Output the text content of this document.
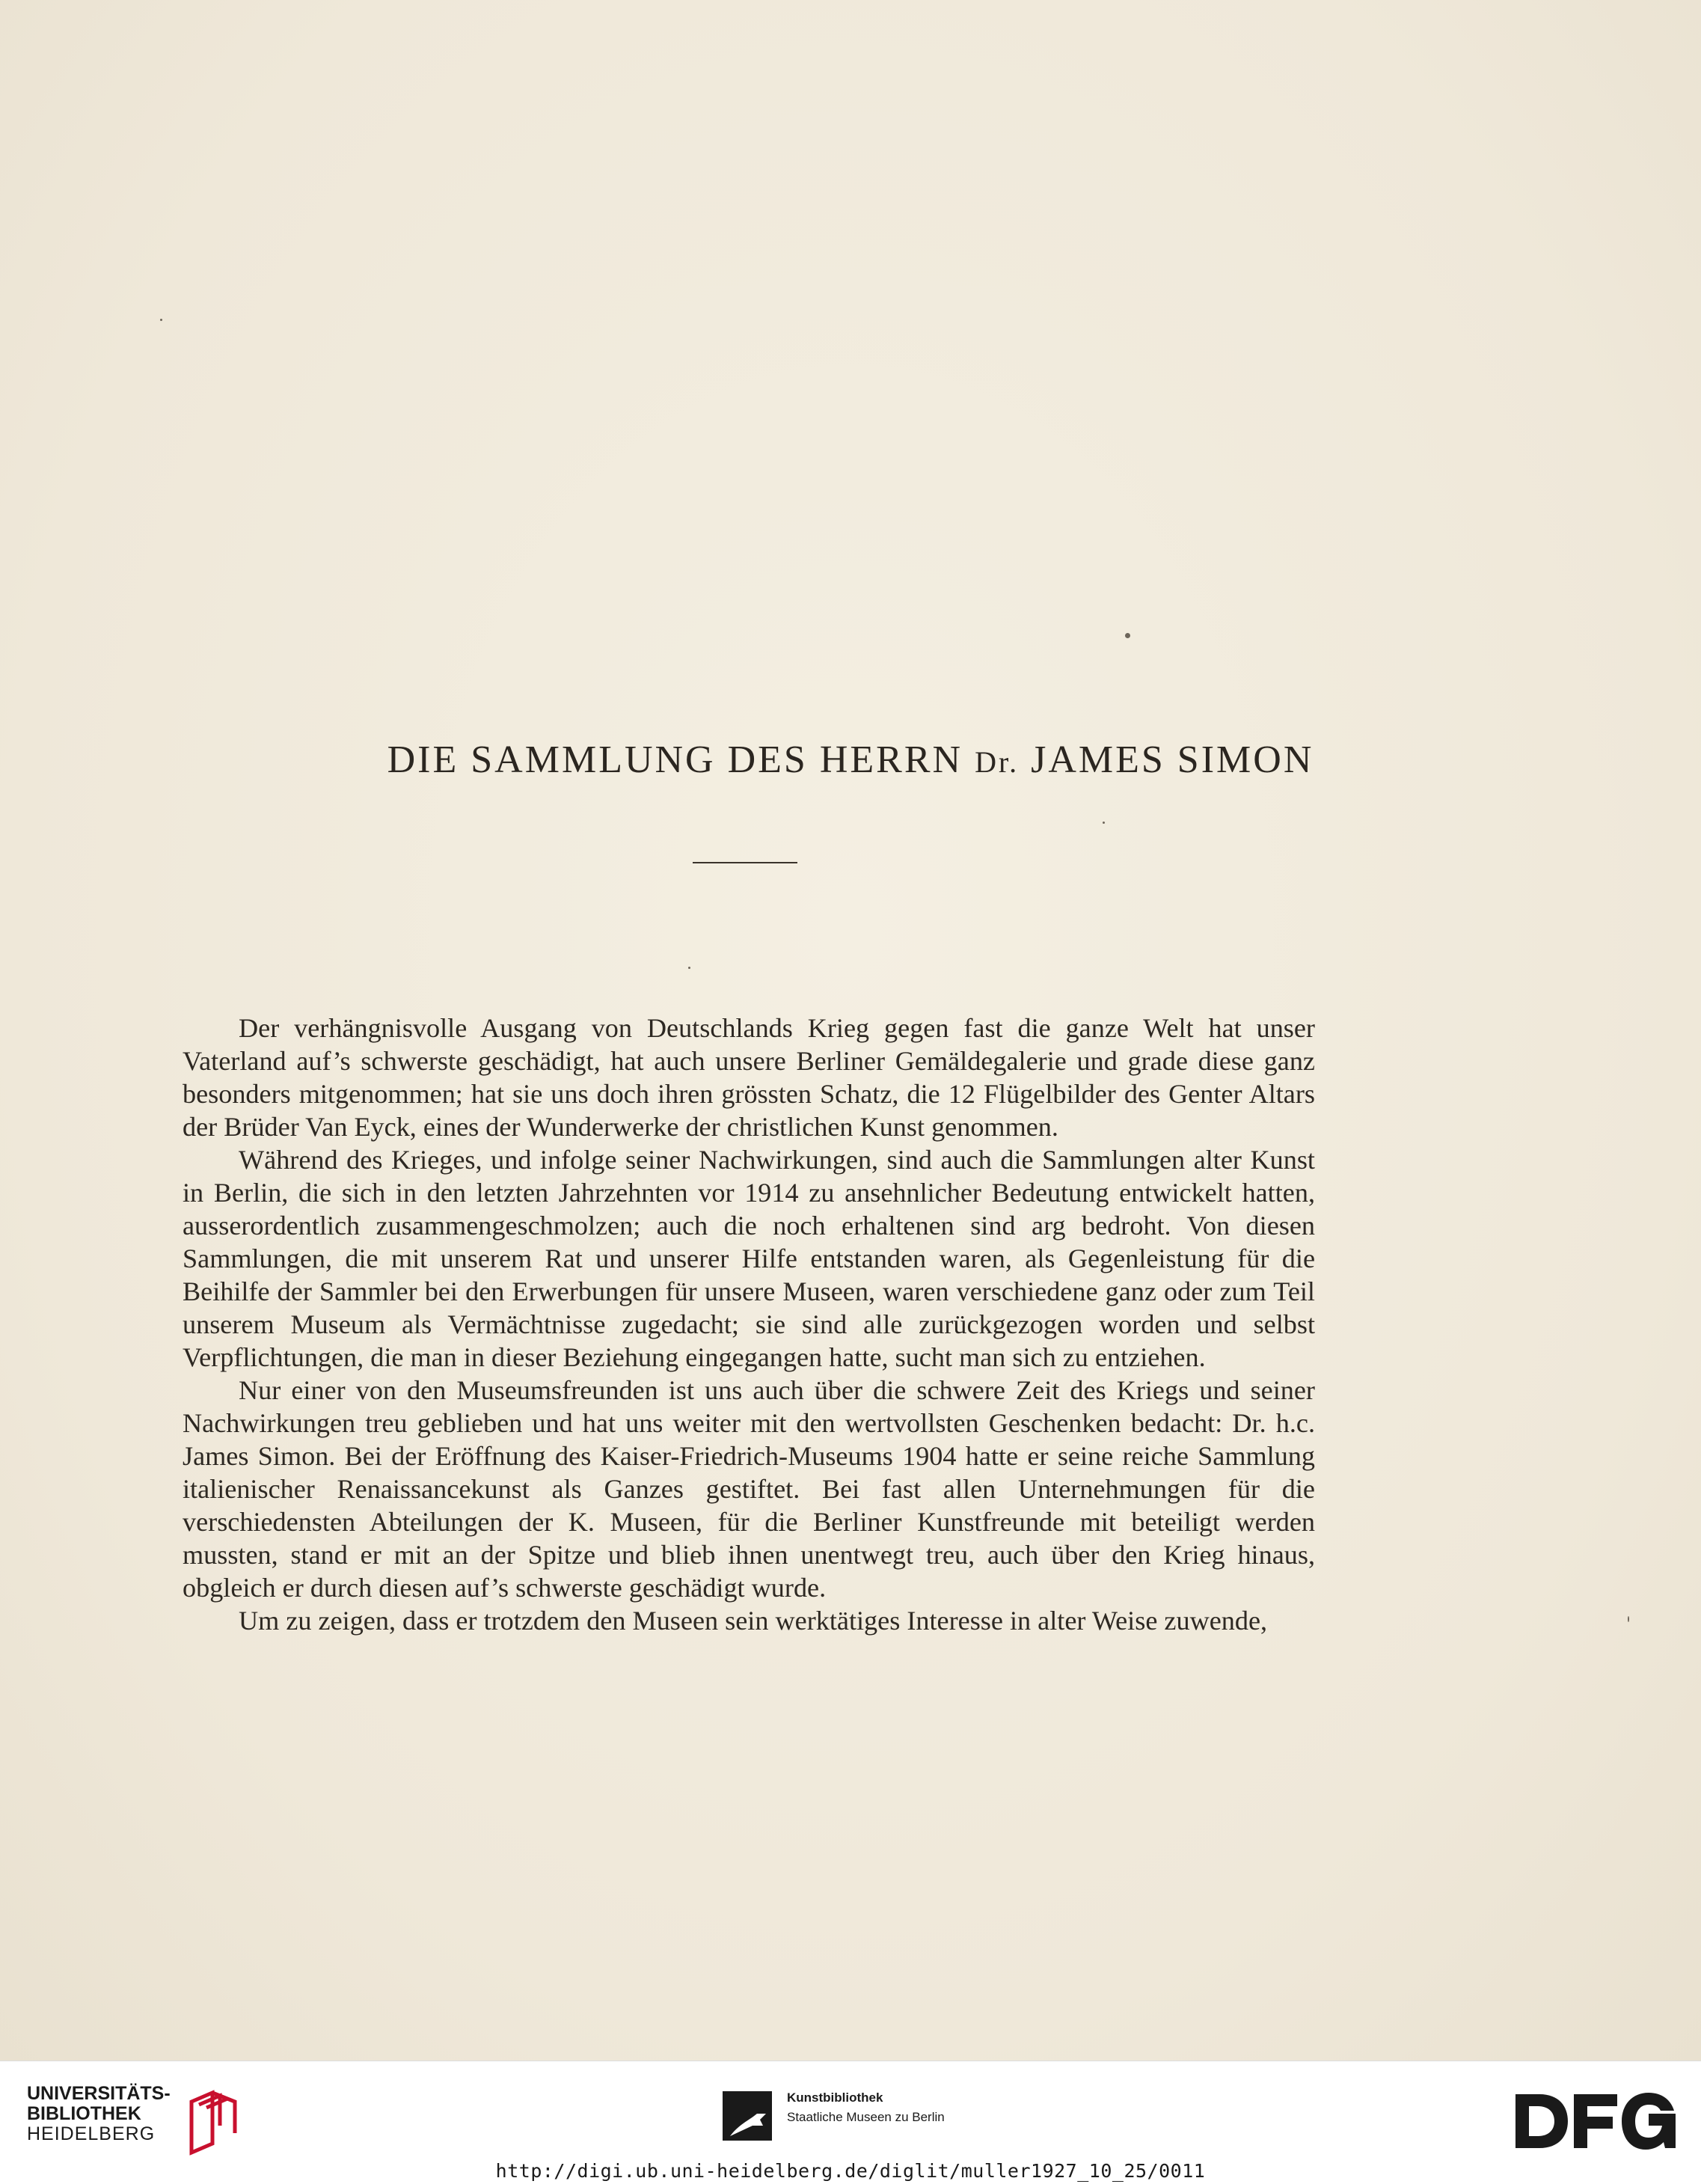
DIE SAMMLUNG DES HERRN Dr. JAMES SIMON

Der verhängnisvolle Ausgang von Deutschlands Krieg gegen fast die ganze Welt hat unser Vaterland auf’s schwerste geschädigt, hat auch unsere Berliner Gemäldegalerie und grade diese ganz besonders mitgenommen; hat sie uns doch ihren grössten Schatz, die 12 Flügelbilder des Genter Altars der Brüder Van Eyck, eines der Wunderwerke der christlichen Kunst genommen.

Während des Krieges, und infolge seiner Nachwirkungen, sind auch die Sammlungen alter Kunst in Berlin, die sich in den letzten Jahrzehnten vor 1914 zu ansehnlicher Bedeutung entwickelt hatten, ausserordentlich zusammengeschmolzen; auch die noch erhaltenen sind arg bedroht. Von diesen Sammlungen, die mit unserem Rat und unserer Hilfe entstanden waren, als Gegenleistung für die Beihilfe der Sammler bei den Erwerbungen für unsere Museen, waren verschiedene ganz oder zum Teil unserem Museum als Vermächtnisse zugedacht; sie sind alle zurückgezogen worden und selbst Verpflichtungen, die man in dieser Beziehung eingegangen hatte, sucht man sich zu entziehen.

Nur einer von den Museumsfreunden ist uns auch über die schwere Zeit des Kriegs und seiner Nachwirkungen treu geblieben und hat uns weiter mit den wertvollsten Geschenken bedacht: Dr. h.c. James Simon. Bei der Eröffnung des Kaiser-Friedrich-Museums 1904 hatte er seine reiche Sammlung italienischer Renaissancekunst als Ganzes gestiftet. Bei fast allen Unternehmungen für die verschiedensten Abteilungen der K. Museen, für die Berliner Kunstfreunde mit beteiligt werden mussten, stand er mit an der Spitze und blieb ihnen unentwegt treu, auch über den Krieg hinaus, obgleich er durch diesen auf’s schwerste geschädigt wurde.

Um zu zeigen, dass er trotzdem den Museen sein werktätiges Interesse in alter Weise zuwende,

UNIVERSITÄTS-
BIBLIOTHEK
HEIDELBERG
Kunstbibliothek
Staatliche Museen zu Berlin
http://digi.ub.uni-heidelberg.de/diglit/muller1927_10_25/0011
